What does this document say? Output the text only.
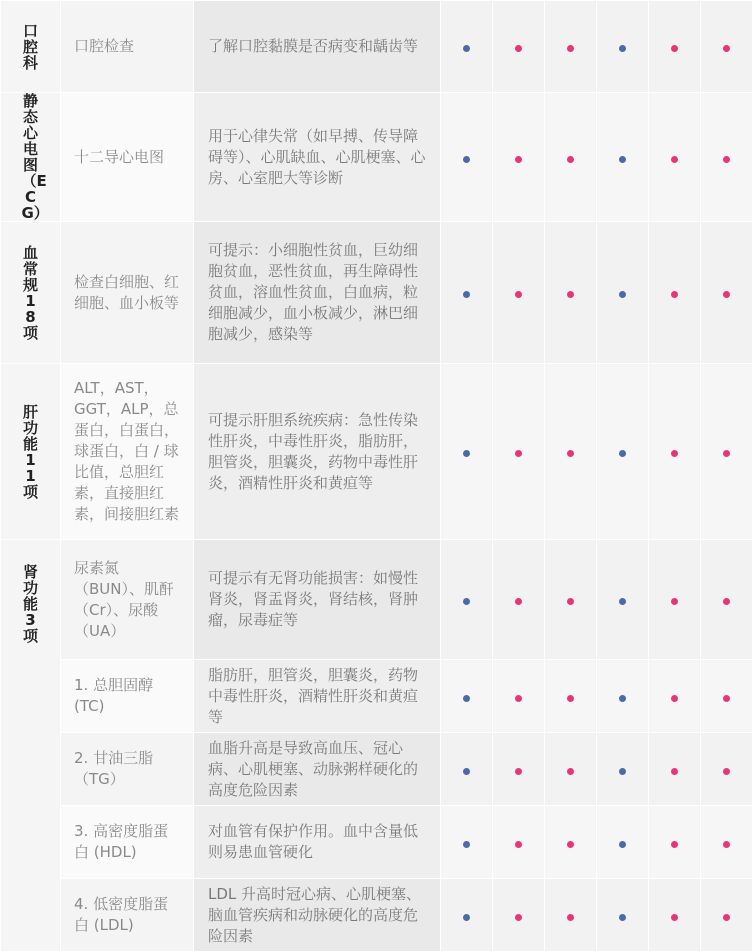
口腔科	口腔检查	了解口腔黏膜是否病变和龋齿等						
静态心电图（ECG）	十二导心电图	用于心律失常（如早搏、传导障碍等）、心肌缺血、心肌梗塞、心房、心室肥大等诊断						
血常规18项	检查白细胞、红细胞、血小板等	可提示：小细胞性贫血，巨幼细胞贫血，恶性贫血，再生障碍性贫血，溶血性贫血，白血病，粒细胞减少，血小板减少，淋巴细胞减少，感染等						
肝功能11项	ALT，AST，GGT，ALP，总蛋白，白蛋白，球蛋白，白 / 球比值，总胆红素，直接胆红素，间接胆红素	可提示肝胆系统疾病：急性传染性肝炎，中毒性肝炎，脂肪肝，胆管炎，胆囊炎，药物中毒性肝炎，酒精性肝炎和黄疸等						
肾功能3项	尿素氮（BUN）、肌酐（Cr）、尿酸（UA）	可提示有无肾功能损害：如慢性肾炎，肾盂肾炎，肾结核，肾肿瘤，尿毒症等						
	1. 总胆固醇 (TC)	脂肪肝，胆管炎，胆囊炎，药物中毒性肝炎，酒精性肝炎和黄疸等						
	2. 甘油三脂（TG）	血脂升高是导致高血压、冠心病、心肌梗塞、动脉粥样硬化的高度危险因素						
	3. 高密度脂蛋白 (HDL)	对血管有保护作用。血中含量低则易患血管硬化						
	4. 低密度脂蛋白 (LDL)	LDL 升高时冠心病、心肌梗塞、脑血管疾病和动脉硬化的高度危险因素						
